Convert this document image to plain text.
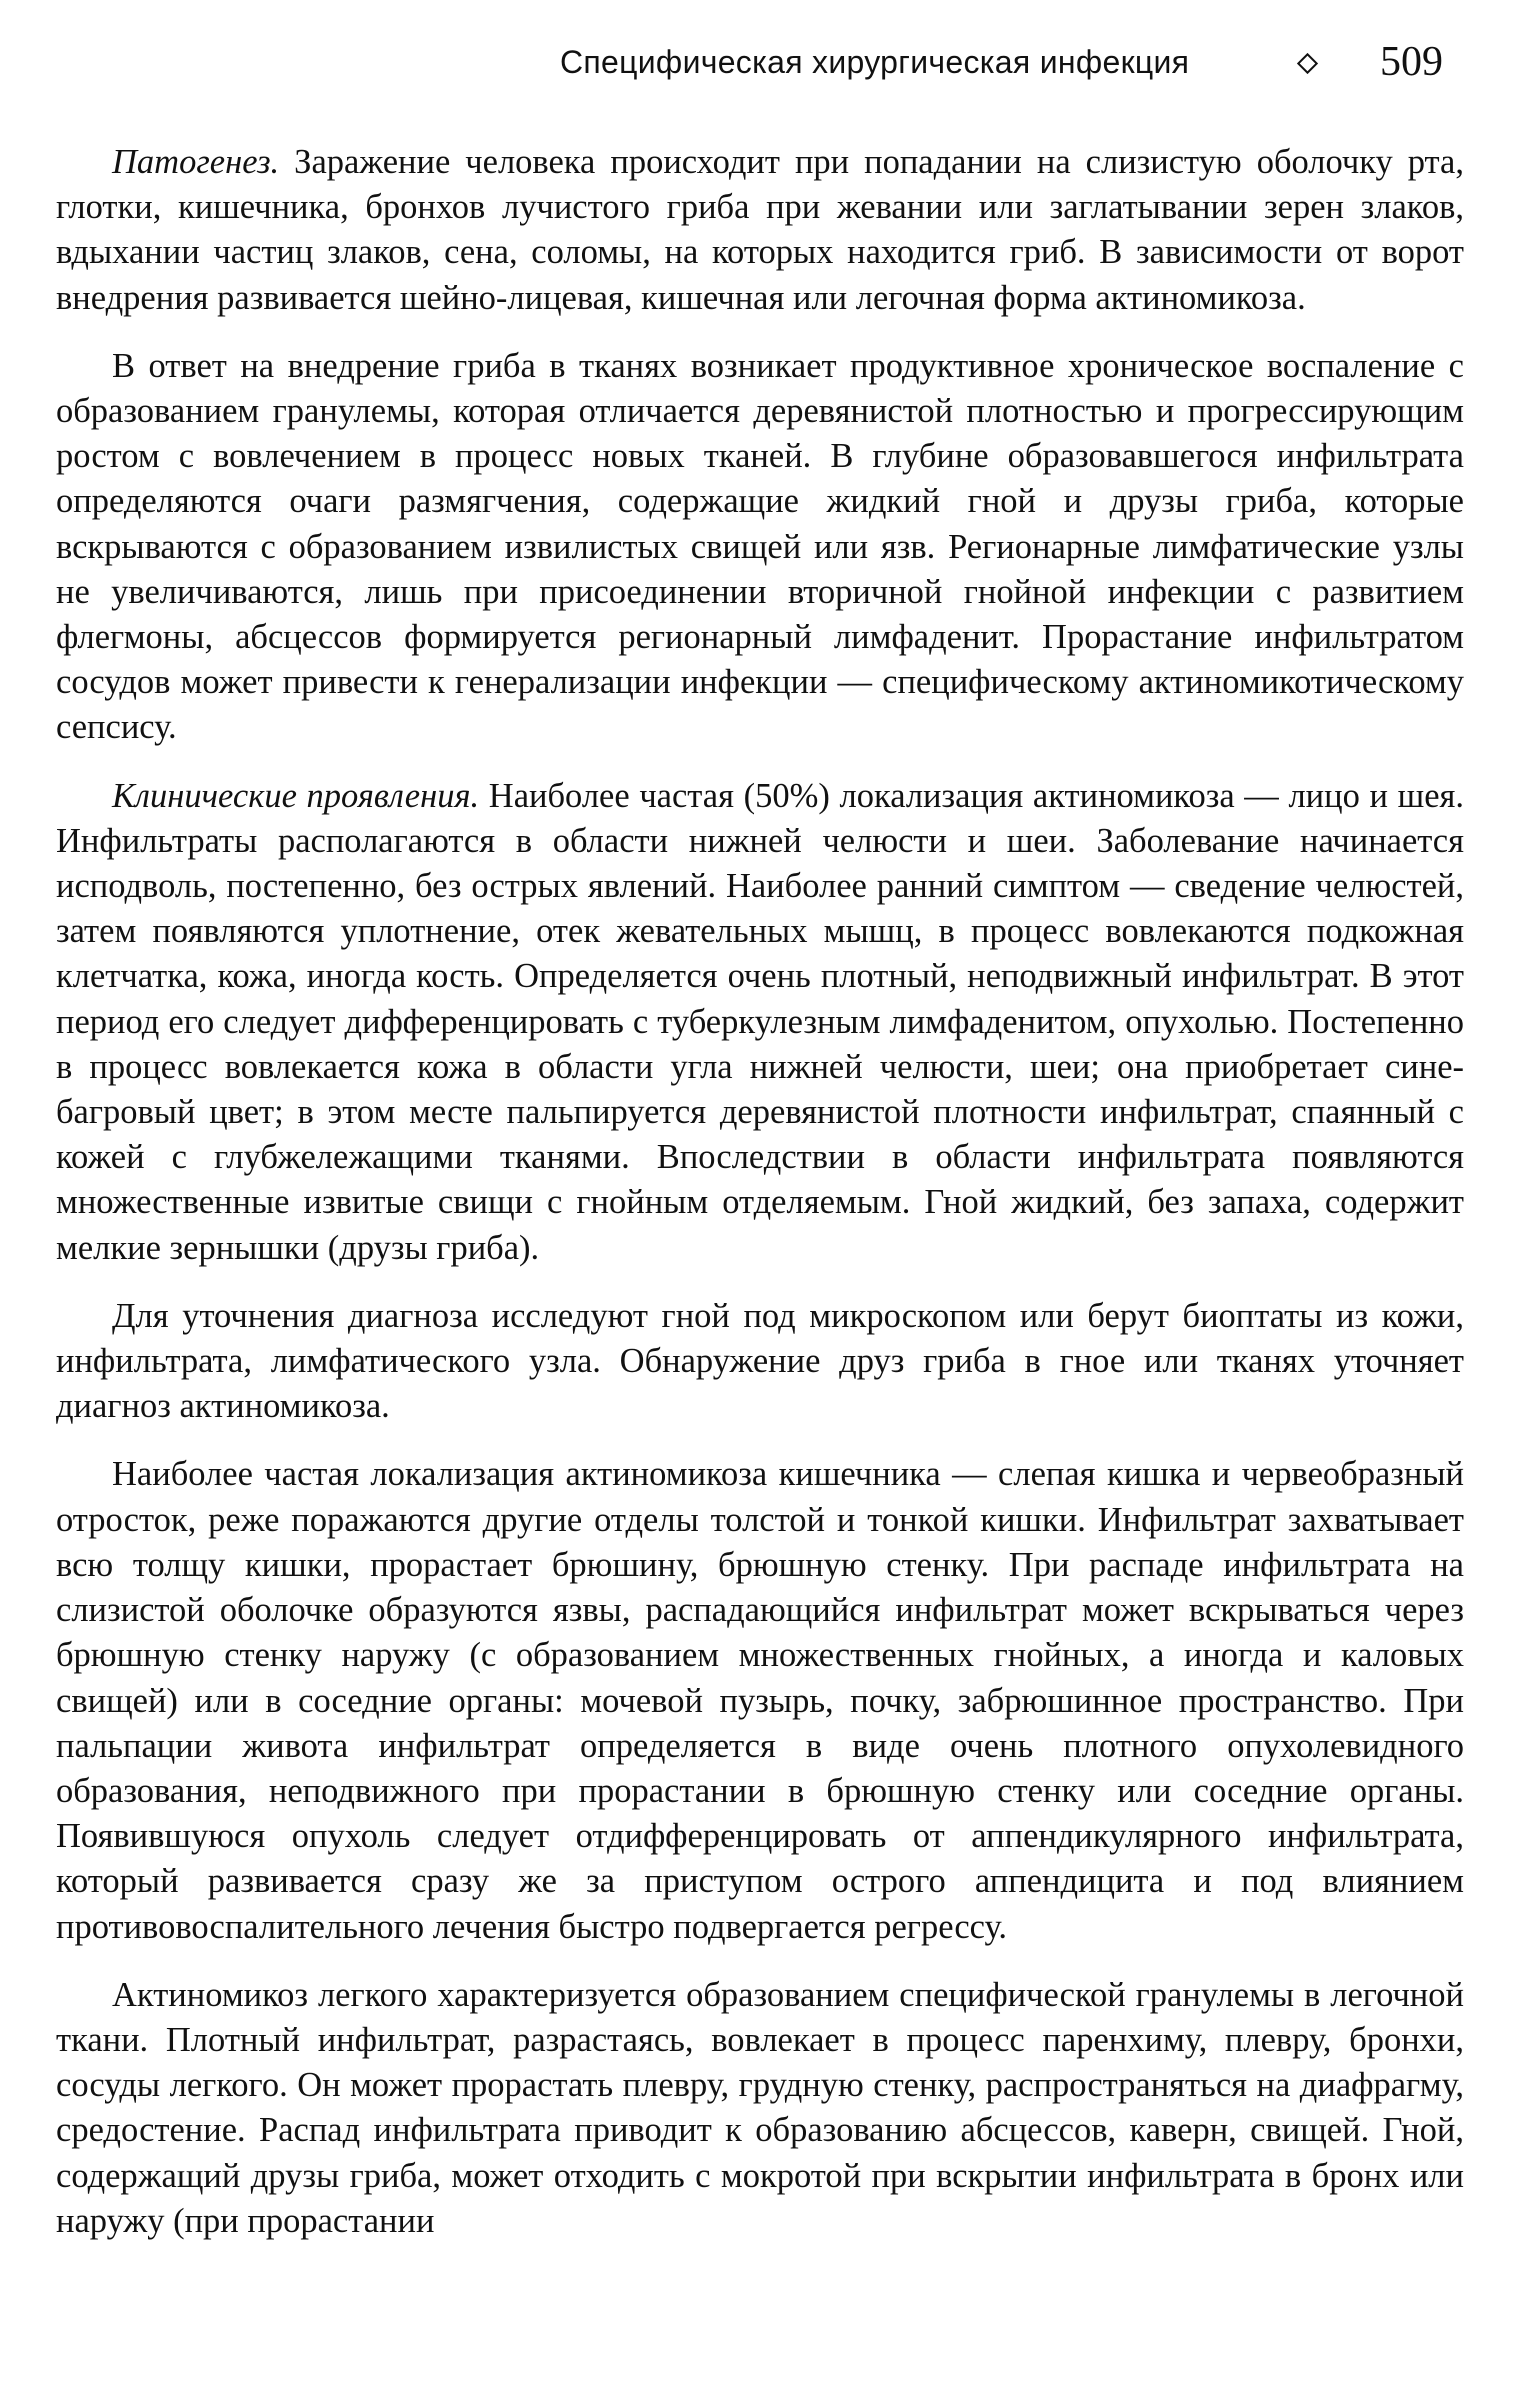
Специфическая хирургическая инфекция	509

Патогенез. Заражение человека происходит при попадании на слизистую оболочку рта, глотки, кишечника, бронхов лучистого гриба при жевании или заглатывании зерен злаков, вдыхании частиц злаков, сена, соломы, на которых находится гриб. В зависимости от ворот внедрения развивается шейно-лицевая, кишечная или легочная форма актиномикоза.

В ответ на внедрение гриба в тканях возникает продуктивное хроническое воспаление с образованием гранулемы, которая отличается деревянистой плотностью и прогрессирующим ростом с вовлечением в процесс новых тканей. В глубине образовавшегося инфильтрата определяются очаги размягчения, содержащие жидкий гной и друзы гриба, которые вскрываются с образованием извилистых свищей или язв. Регионарные лимфатические узлы не увеличиваются, лишь при присоединении вторичной гнойной инфекции с развитием флегмоны, абсцессов формируется регионарный лимфаденит. Прорастание инфильтратом сосудов может привести к генерализации инфекции — специфическому актиномикотическому сепсису.

Клинические проявления. Наиболее частая (50%) локализация актиномикоза — лицо и шея. Инфильтраты располагаются в области нижней челюсти и шеи. Заболевание начинается исподволь, постепенно, без острых явлений. Наиболее ранний симптом — сведение челюстей, затем появляются уплотнение, отек жевательных мышц, в процесс вовлекаются подкожная клетчатка, кожа, иногда кость. Определяется очень плотный, неподвижный инфильтрат. В этот период его следует дифференцировать с туберкулезным лимфаденитом, опухолью. Постепенно в процесс вовлекается кожа в области угла нижней челюсти, шеи; она приобретает сине-багровый цвет; в этом месте пальпируется деревянистой плотности инфильтрат, спаянный с кожей с глубжележащими тканями. Впоследствии в области инфильтрата появляются множественные извитые свищи с гнойным отделяемым. Гной жидкий, без запаха, содержит мелкие зернышки (друзы гриба).

Для уточнения диагноза исследуют гной под микроскопом или берут биоптаты из кожи, инфильтрата, лимфатического узла. Обнаружение друз гриба в гное или тканях уточняет диагноз актиномикоза.

Наиболее частая локализация актиномикоза кишечника — слепая кишка и червеобразный отросток, реже поражаются другие отделы толстой и тонкой кишки. Инфильтрат захватывает всю толщу кишки, прорастает брюшину, брюшную стенку. При распаде инфильтрата на слизистой оболочке образуются язвы, распадающийся инфильтрат может вскрываться через брюшную стенку наружу (с образованием множественных гнойных, а иногда и каловых свищей) или в соседние органы: мочевой пузырь, почку, забрюшинное пространство. При пальпации живота инфильтрат определяется в виде очень плотного опухолевидного образования, неподвижного при прорастании в брюшную стенку или соседние органы. Появившуюся опухоль следует отдифференцировать от аппендикулярного инфильтрата, который развивается сразу же за приступом острого аппендицита и под влиянием противовоспалительного лечения быстро подвергается регрессу.

Актиномикоз легкого характеризуется образованием специфической гранулемы в легочной ткани. Плотный инфильтрат, разрастаясь, вовлекает в процесс паренхиму, плевру, бронхи, сосуды легкого. Он может прорастать плевру, грудную стенку, распространяться на диафрагму, средостение. Распад инфильтрата приводит к образованию абсцессов, каверн, свищей. Гной, содержащий друзы гриба, может отходить с мокротой при вскрытии инфильтрата в бронх или наружу (при прорастании
